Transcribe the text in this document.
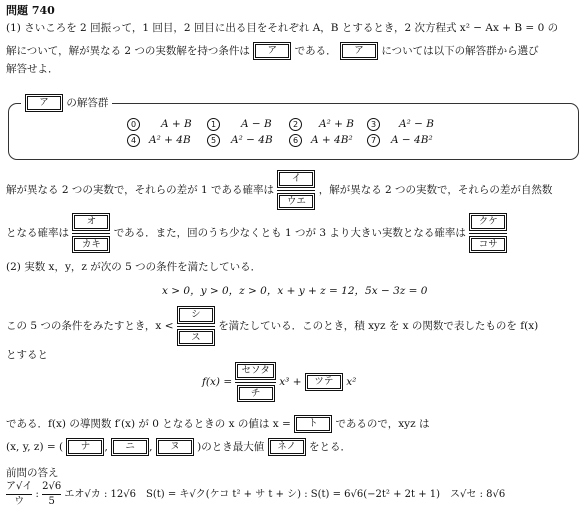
問題 740
(1) さいころを 2 回振って，1 回目，2 回目に出る目をそれぞれ A，B とするとき，2 次方程式 x² − Ax + B = 0 の
解について，解が異なる 2 つの実数解を持つ条件は ア である． ア については以下の解答群から選び
解答せよ．
ア の解答群
0	A + B	1	A − B	2	A² + B	3	A² − B
4	A² + 4B	5	A² − 4B	6	A + 4B²	7	A − 4B²
解が異なる 2 つの実数で，それらの差が 1 である確率は
イ
ウエ
，解が異なる 2 つの実数で，それらの差が自然数
となる確率は
オ
カキ
である．また，回のうち少なくとも 1 つが 3 より大きい実数となる確率は
クケ
コサ
(2) 実数 x，y，z が次の 5 つの条件を満たしている．
x > 0，y > 0，z > 0，x + y + z = 12，5x − 3z = 0
この 5 つの条件をみたすとき，x <
シ
ス
を満たしている．このとき，積 xyz を x の関数で表したものを f(x)
とすると
f(x) =
セソタ
チ
x³ + ツテ x²
である．f(x) の導関数 f′(x) が 0 となるときの x の値は x = ト であるので，xyz は
(x, y, z) = ( ナ , ニ , ヌ )のとき最大値 ネノ をとる．
前問の答え
ア√イ
ウ
: $\frac{2√6}{5}$ エオ√カ : 12√6　S(t) = キ√ク(ケコ t² + サ t + シ) : S(t) = 6√6(−2t² + 2t + 1)　ス√セ : 8√6
